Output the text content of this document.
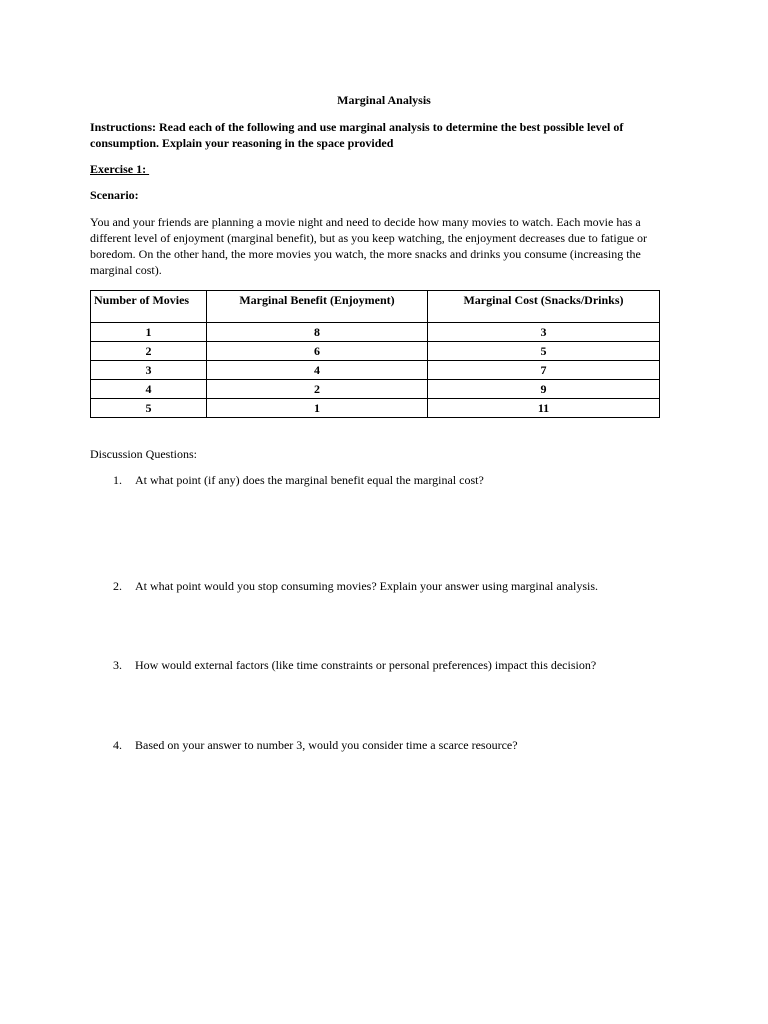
Marginal Analysis
Instructions: Read each of the following and use marginal analysis to determine the best possible level of consumption. Explain your reasoning in the space provided
Exercise 1:
Scenario:
You and your friends are planning a movie night and need to decide how many movies to watch. Each movie has a different level of enjoyment (marginal benefit), but as you keep watching, the enjoyment decreases due to fatigue or boredom. On the other hand, the more movies you watch, the more snacks and drinks you consume (increasing the marginal cost).
Number of Movies	Marginal Benefit (Enjoyment)	Marginal Cost (Snacks/Drinks)
1	8	3
2	6	5
3	4	7
4	2	9
5	1	11
Discussion Questions:
1. At what point (if any) does the marginal benefit equal the marginal cost?
2. At what point would you stop consuming movies? Explain your answer using marginal analysis.
3. How would external factors (like time constraints or personal preferences) impact this decision?
4. Based on your answer to number 3, would you consider time a scarce resource?
